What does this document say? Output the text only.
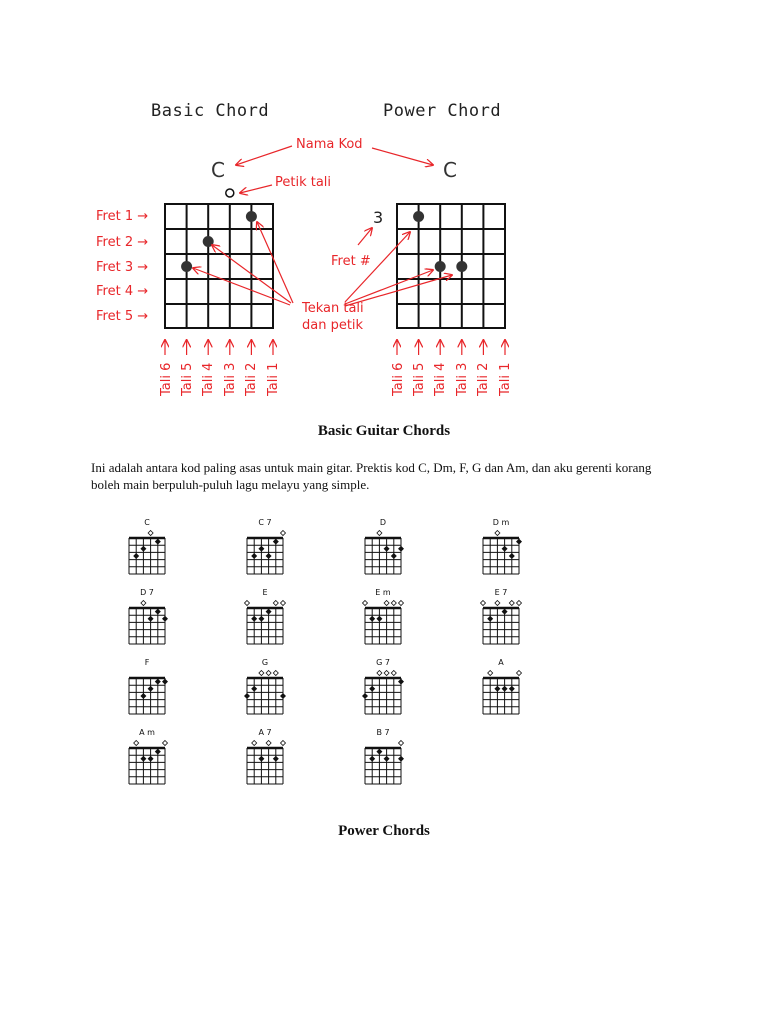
Basic Chord	Power Chord
C	C
Nama Kod
Petik tali
Fret #
Tekan tali
dan petik
3
Fret 1 →
Fret 2 →
Fret 3 →
Fret 4 →
Fret 5 →
Tali 6 Tali 5 Tali 4 Tali 3 Tali 2 Tali 1	Tali 6 Tali 5 Tali 4 Tali 3 Tali 2 Tali 1
Basic Guitar Chords
Ini adalah antara kod paling asas untuk main gitar. Prektis kod C, Dm, F, G dan Am, dan aku gerenti korang boleh main berpuluh-puluh lagu melayu yang simple.
C	C 7	D	D m
D 7	E	E m	E 7
F	G	G 7	A
A m	A 7	B 7
Power Chords
